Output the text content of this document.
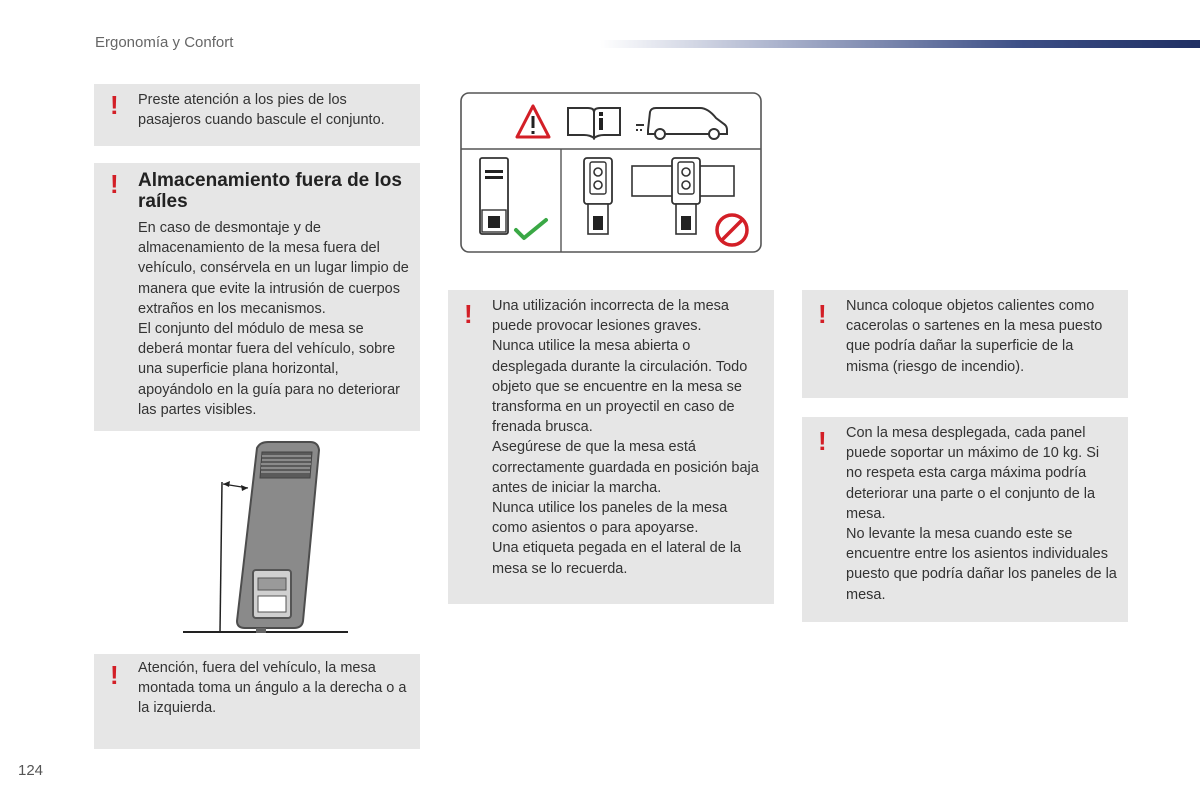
Ergonomía y Confort
! Preste atención a los pies de los pasajeros cuando bascule el conjunto.
! Almacenamiento fuera de los raíles

En caso de desmontaje y de almacenamiento de la mesa fuera del vehículo, consérvela en un lugar limpio de manera que evite la intrusión de cuerpos extraños en los mecanismos.

El conjunto del módulo de mesa se deberá montar fuera del vehículo, sobre una superficie plana horizontal, apoyándolo en la guía para no deteriorar las partes visibles.

! Atención, fuera del vehículo, la mesa montada toma un ángulo a la derecha o a la izquierda.
! Una utilización incorrecta de la mesa puede provocar lesiones graves.

Nunca utilice la mesa abierta o desplegada durante la circulación. Todo objeto que se encuentre en la mesa se transforma en un proyectil en caso de frenada brusca.

Asegúrese de que la mesa está correctamente guardada en posición baja antes de iniciar la marcha.

Nunca utilice los paneles de la mesa como asientos o para apoyarse.

Una etiqueta pegada en el lateral de la mesa se lo recuerda.

! Nunca coloque objetos calientes como cacerolas o sartenes en la mesa puesto que podría dañar la superficie de la misma (riesgo de incendio).
! Con la mesa desplegada, cada panel puede soportar un máximo de 10 kg. Si no respeta esta carga máxima podría deteriorar una parte o el conjunto de la mesa.

No levante la mesa cuando este se encuentre entre los asientos individuales puesto que podría dañar los paneles de la mesa.

124
